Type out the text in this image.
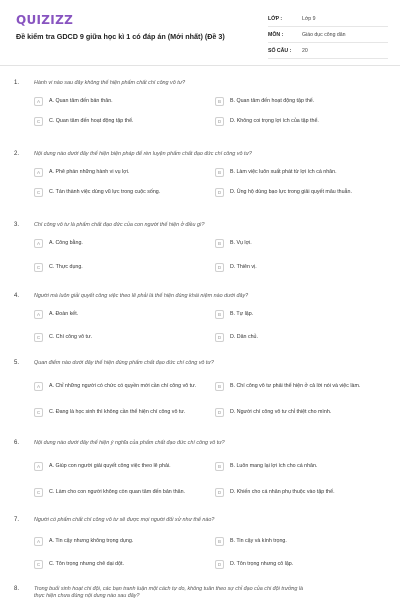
QUIZIZZ
Đề kiểm tra GDCD 9 giữa học kì 1 có đáp án (Mới nhất) (Đề 3)
LỚP :	Lớp 9
MÔN :	Giáo dục công dân
SỐ CÂU :	20
1.	Hành vi nào sau đây không thể hiện phẩm chất chí công vô tư?
A	A. Quan tâm đến bản thân.	B	B. Quan tâm đến hoạt động tập thể.
C	C. Quan tâm đến hoạt động tập thể.	D	D. Không coi trọng lợi ích của tập thể.
2.	Nội dung nào dưới đây thể hiện biện pháp để rèn luyện phẩm chất đạo đức chí công vô tư?
A	A. Phê phán những hành vi vụ lợi.	B	B. Làm việc luôn xuất phát từ lợi ích cá nhân.
C	C. Tán thành việc dùng vũ lực trong cuộc sống.	D	D. Ủng hộ dùng bạo lực trong giải quyết mâu thuẫn.
3.	Chí công vô tư là phẩm chất đạo đức của con người thể hiện ở điều gì?
A	A. Công bằng.	B	B. Vụ lợi.
C	C. Thực dụng.	D	D. Thiên vị.
4.	Người mà luôn giải quyết công việc theo lẽ phải là thể hiện đúng khái niệm nào dưới đây?
A	A. Đoàn kết.	B	B. Tự lập.
C	C. Chí công vô tư.	D	D. Dân chủ.
5.	Quan điểm nào dưới đây thể hiện đúng phẩm chất đạo đức chí công vô tư?
A	A. Chỉ những người có chức có quyền mới cần chí công vô tư.	B	B. Chí công vô tư phải thể hiện ở cả lời nói và việc làm.
C	C. Đang là học sinh thì không cần thể hiện chí công vô tư.	D	D. Người chí công vô tư chỉ thiệt cho mình.
6.	Nội dung nào dưới đây thể hiện ý nghĩa của phẩm chất đạo đức chí công vô tư?
A	A. Giúp con người giải quyết công việc theo lẽ phải.	B	B. Luôn mang lại lợi ích cho cá nhân.
C	C. Làm cho con người không còn quan tâm đến bản thân.	D	D. Khiến cho cá nhân phụ thuộc vào tập thể.
7.	Người có phẩm chất chí công vô tư sẽ được mọi người đối xử như thế nào?
A	A. Tin cậy nhưng không trọng dụng.	B	B. Tin cậy và kính trọng.
C	C. Tôn trọng nhưng chê dại dột.	D	D. Tôn trọng nhưng cô lập.
8.	Trong buổi sinh hoạt chi đội, các bạn tranh luận một cách tự do, không tuân theo sự chỉ đạo của chi đội trưởng là
thực hiện chưa đúng nội dung nào sau đây?
